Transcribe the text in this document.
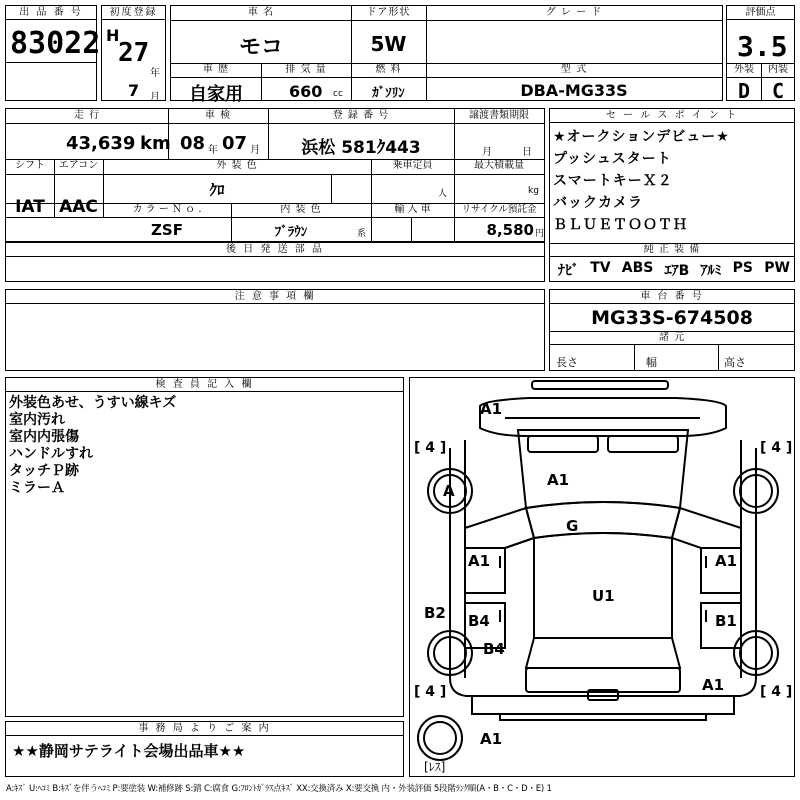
出 品 番 号
83022
初度登録
H
27
年
7 月
車 名
モコ
ドア形状
5W
グ レ ー ド
車 歴
自家用
排 気 量
660 cc
燃 料
ｶﾞｿﾘﾝ
型 式
DBA-MG33S
評価点
3.5
外装	内装
D	C
走 行
43,639 km
車 検
08 年 07 月
登 録 番 号
浜松 581ｸ443
譲渡書類期限
月	日
シフト
IAT
エアコン
AAC
外 装 色
ｸﾛ
乗車定員
人
最大積載量
kg
カ ラ ー Ｎ ｏ .	内 装 色	輸 入 車	リサイクル預託金
ZSF	ﾌﾞﾗｳﾝ	系	8,580 円
後 日 発 送 部 品
セ ー ル ス ポ イ ン ト
★オークションデビュー★
プッシュスタート
スマートキーＸ２
バックカメラ
ＢＬＵＥＴＯＯＴＨ
純 正 装 備
ﾅﾋﾞ TV ABS ｴｱB ｱﾙﾐ PS PW
注 意 事 項 欄	車 台 番 号
MG33S-674508
諸 元
長さ	幅	高さ
検 査 員 記 入 欄
外装色あせ、うすい線キズ
室内汚れ
室内内張傷
ハンドルすれ
タッチＰ跡
ミラーＡ
事 務 局 よ り ご 案 内
★★静岡サテライト会場出品車★★
A1
A
A1
G
A1	A1
U1
B2 B4	B1
B4
A1
A1
[ 4 ]	[ 4 ]
[ 4 ]	[ 4 ]
[ﾚｽ]
A:ｷｽﾞ U:ﾍｺﾐ B:ｷｽﾞを伴うﾍｺﾐ P:要塗装 W:補修跡 S:錆 C:腐食 G:ﾌﾛﾝﾄｶﾞﾗｽ点ｷｽﾞ XX:交換済み X:要交換 内・外装評価 5段階ﾗﾝｸ順(A・B・C・D・E) 1
